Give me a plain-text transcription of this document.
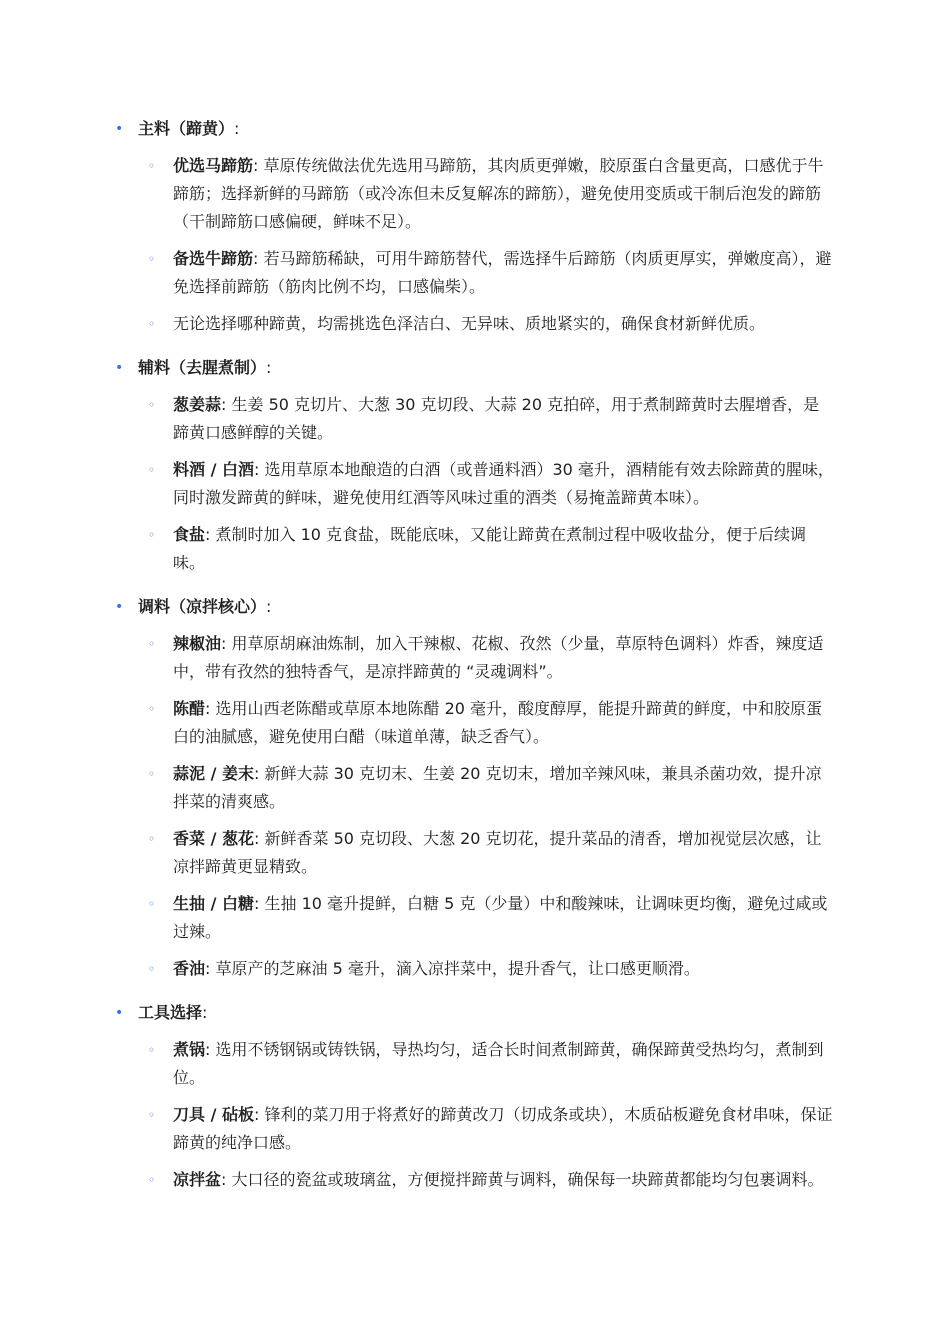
• 主料（蹄黄）:
◦ 优选马蹄筋: 草原传统做法优先选用马蹄筋，其肉质更弹嫩，胶原蛋白含量更高，口感优于牛蹄筋；选择新鲜的马蹄筋（或冷冻但未反复解冻的蹄筋），避免使用变质或干制后泡发的蹄筋（干制蹄筋口感偏硬，鲜味不足）。
◦ 备选牛蹄筋: 若马蹄筋稀缺，可用牛蹄筋替代，需选择牛后蹄筋（肉质更厚实，弹嫩度高），避免选择前蹄筋（筋肉比例不均，口感偏柴）。
◦ 无论选择哪种蹄黄，均需挑选色泽洁白、无异味、质地紧实的，确保食材新鲜优质。
• 辅料（去腥煮制）:
◦ 葱姜蒜: 生姜 50 克切片、大葱 30 克切段、大蒜 20 克拍碎，用于煮制蹄黄时去腥增香，是蹄黄口感鲜醇的关键。
◦ 料酒 / 白酒: 选用草原本地酿造的白酒（或普通料酒）30 毫升，酒精能有效去除蹄黄的腥味，同时激发蹄黄的鲜味，避免使用红酒等风味过重的酒类（易掩盖蹄黄本味）。
◦ 食盐: 煮制时加入 10 克食盐，既能底味，又能让蹄黄在煮制过程中吸收盐分，便于后续调味。
• 调料（凉拌核心）:
◦ 辣椒油: 用草原胡麻油炼制，加入干辣椒、花椒、孜然（少量，草原特色调料）炸香，辣度适中，带有孜然的独特香气，是凉拌蹄黄的 “灵魂调料”。
◦ 陈醋: 选用山西老陈醋或草原本地陈醋 20 毫升，酸度醇厚，能提升蹄黄的鲜度，中和胶原蛋白的油腻感，避免使用白醋（味道单薄，缺乏香气）。
◦ 蒜泥 / 姜末: 新鲜大蒜 30 克切末、生姜 20 克切末，增加辛辣风味，兼具杀菌功效，提升凉拌菜的清爽感。
◦ 香菜 / 葱花: 新鲜香菜 50 克切段、大葱 20 克切花，提升菜品的清香，增加视觉层次感，让凉拌蹄黄更显精致。
◦ 生抽 / 白糖: 生抽 10 毫升提鲜，白糖 5 克（少量）中和酸辣味，让调味更均衡，避免过咸或过辣。
◦ 香油: 草原产的芝麻油 5 毫升，滴入凉拌菜中，提升香气，让口感更顺滑。
• 工具选择:
◦ 煮锅: 选用不锈钢锅或铸铁锅，导热均匀，适合长时间煮制蹄黄，确保蹄黄受热均匀，煮制到位。
◦ 刀具 / 砧板: 锋利的菜刀用于将煮好的蹄黄改刀（切成条或块），木质砧板避免食材串味，保证蹄黄的纯净口感。
◦ 凉拌盆: 大口径的瓷盆或玻璃盆，方便搅拌蹄黄与调料，确保每一块蹄黄都能均匀包裹调料。
